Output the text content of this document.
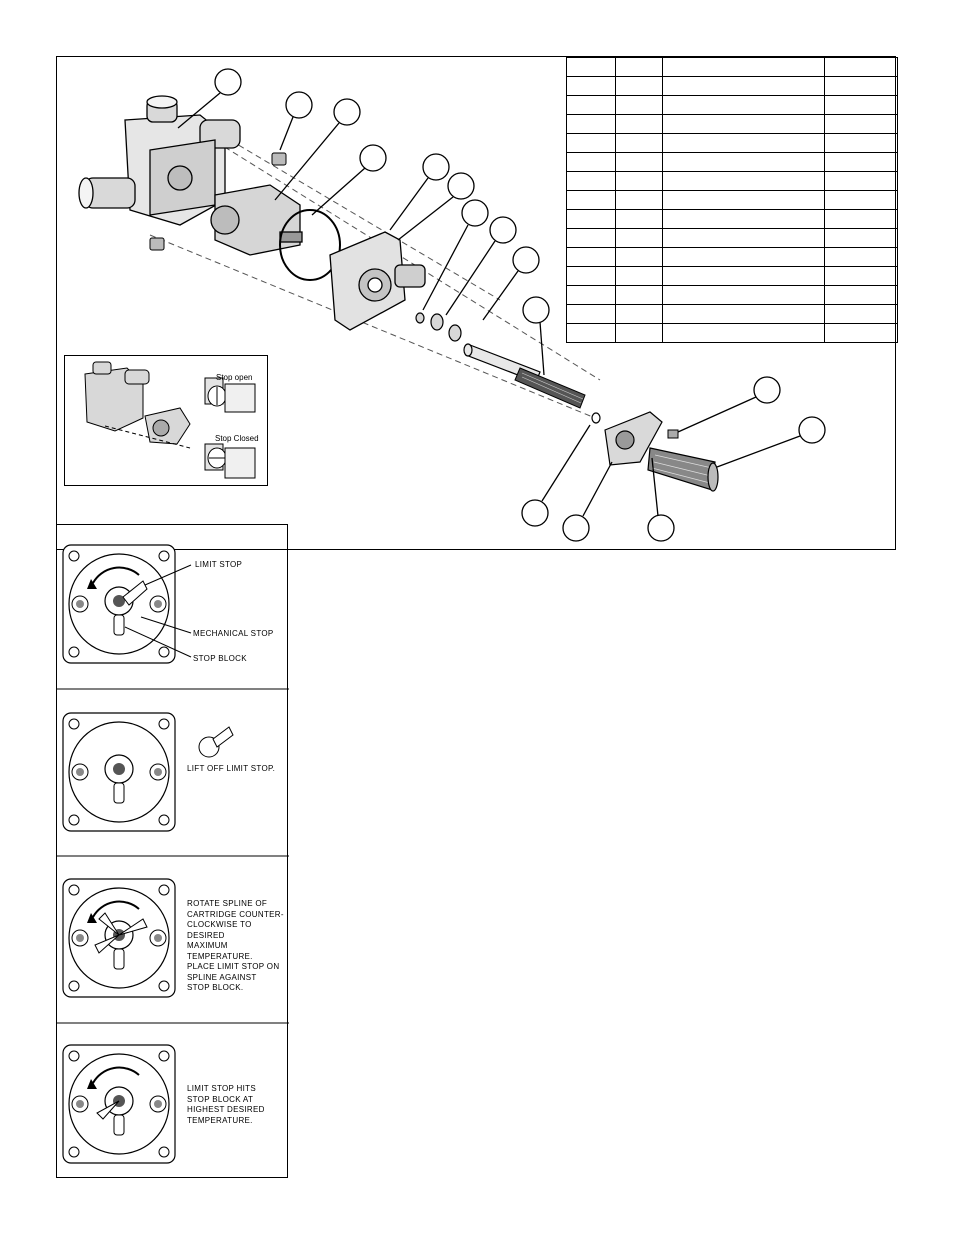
Stop open
Stop Closed
LIMIT STOP
MECHANICAL STOP
STOP BLOCK
LIFT OFF LIMIT STOP.
ROTATE SPLINE OF
CARTRIDGE COUNTER-
CLOCKWISE TO DESIRED
MAXIMUM TEMPERATURE.
PLACE LIMIT STOP ON
SPLINE AGAINST
STOP BLOCK.
LIMIT STOP HITS
STOP BLOCK AT
HIGHEST DESIRED
TEMPERATURE.
